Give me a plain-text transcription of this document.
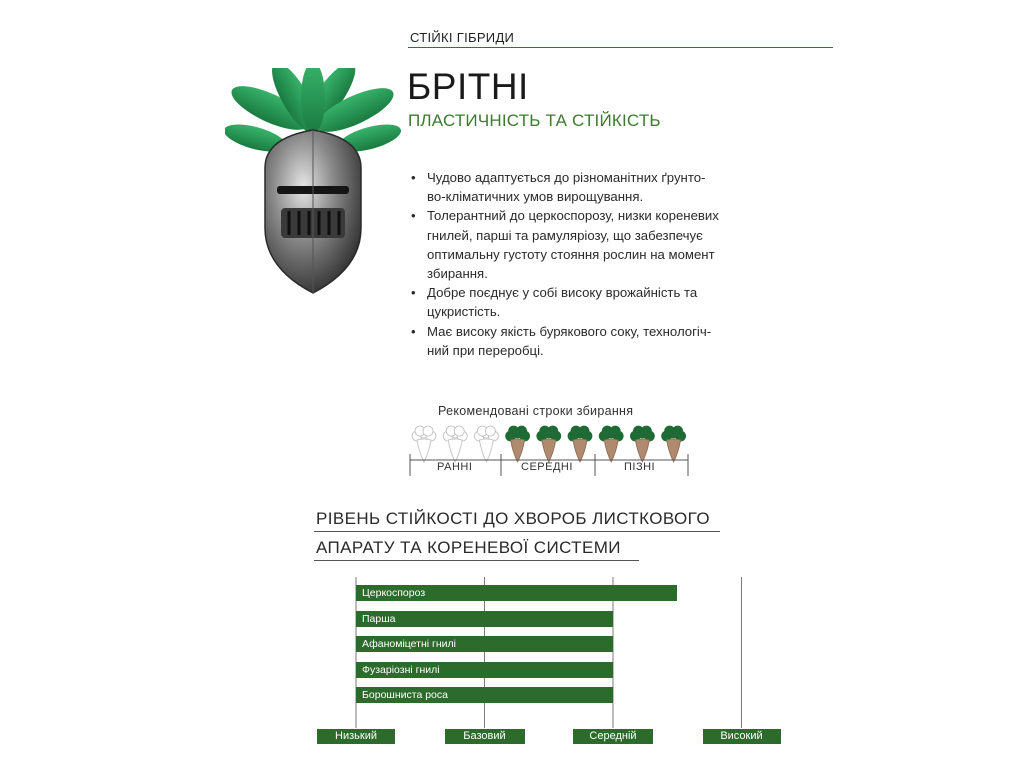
СТІЙКІ ГІБРИДИ
БРІТНІ
ПЛАСТИЧНІСТЬ ТА СТІЙКІСТЬ
• Чудово адаптується до різноманітних ґрунто-
во-кліматичних умов вирощування.
• Толерантний до церкоспорозу, низки кореневих
гнилей, парші та рамуляріозу, що забезпечує
оптимальну густоту стояння рослин на момент
збирання.
• Добре поєднує у собі високу врожайність та
цукристість.
• Має високу якість бурякового соку, технологіч-
ний при переробці.
Рекомендовані строки збирання
РАННІ	СЕРЕДНІ	ПІЗНІ
РІВЕНЬ СТІЙКОСТІ ДО ХВОРОБ ЛИСТКОВОГО
АПАРАТУ ТА КОРЕНЕВОЇ СИСТЕМИ
Церкоспороз
Парша
Афаноміцетні гнилі
Фузаріозні гнилі
Борошниста роса
Низький	Базовий	Середній	Високий
